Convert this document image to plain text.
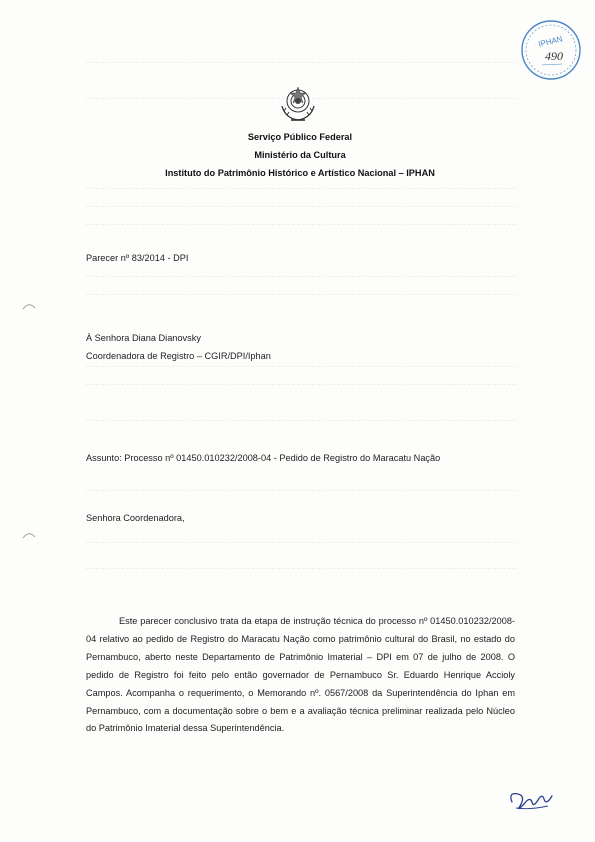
IPHAN
490
Serviço Público Federal
Ministério da Cultura
Instituto do Patrimônio Histórico e Artístico Nacional – IPHAN
Parecer nº 83/2014 - DPI
À Senhora Diana Dianovsky
Coordenadora de Registro – CGIR/DPI/Iphan
Assunto: Processo nº 01450.010232/2008-04 - Pedido de Registro do Maracatu Nação
Senhora Coordenadora,
Este parecer conclusivo trata da etapa de instrução técnica do processo nº 01450.010232/2008-04 relativo ao pedido de Registro do Maracatu Nação como patrimônio cultural do Brasil, no estado do Pernambuco, aberto neste Departamento de Patrimônio Imaterial – DPI em 07 de julho de 2008. O pedido de Registro foi feito pelo então governador de Pernambuco Sr. Eduardo Henrique Accioly Campos. Acompanha o requerimento, o Memorando nº. 0567/2008 da Superintendência do Iphan em Pernambuco, com a documentação sobre o bem e a avaliação técnica preliminar realizada pelo Núcleo do Patrimônio Imaterial dessa Superintendência.
